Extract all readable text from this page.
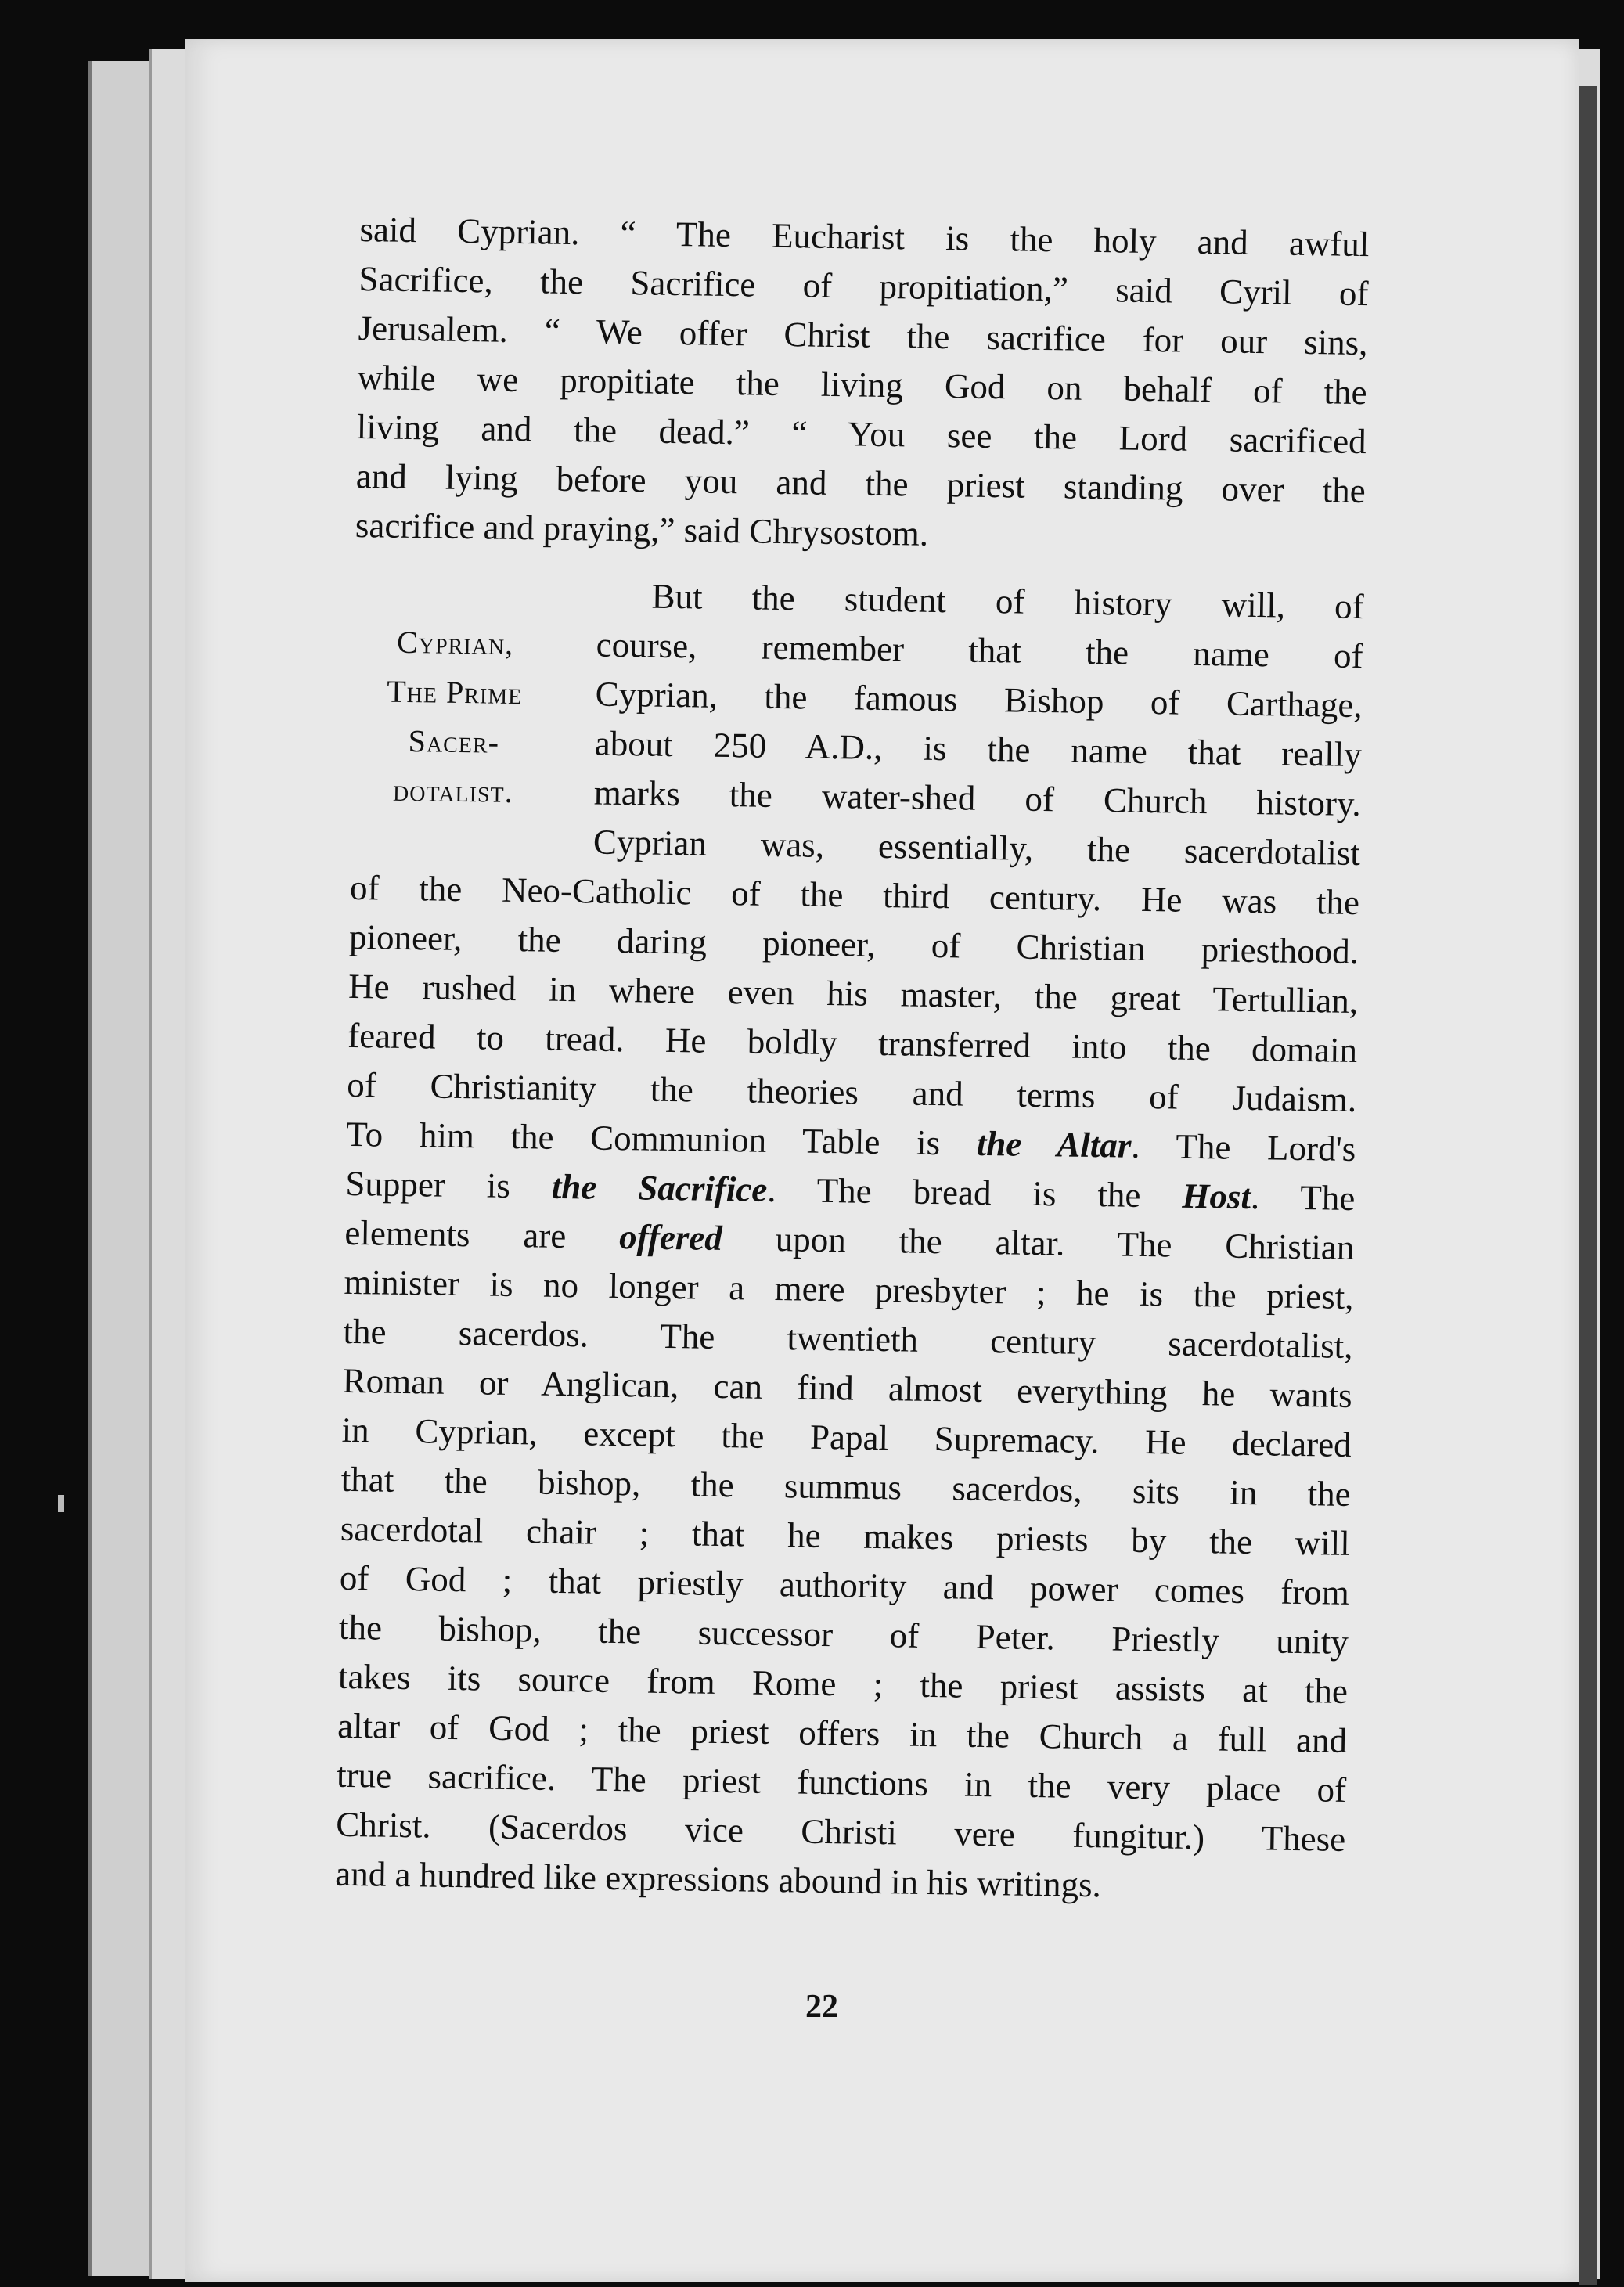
said Cyprian. “ The Eucharist is the holy and awful

Sacrifice, the Sacrifice of propitiation,” said Cyril of

Jerusalem. “ We offer Christ the sacrifice for our sins,

while we propitiate the living God on behalf of the

living and the dead.” “ You see the Lord sacrificed

and lying before you and the priest standing over the

sacrifice and praying,” said Chrysostom.

Cyprian,
The Prime
Sacer-
dotalist.

But the student of history will, of

course, remember that the name of

Cyprian, the famous Bishop of Carthage,

about 250 A.D., is the name that really

marks the water-shed of Church history.

Cyprian was, essentially, the sacerdotalist

of the Neo-Catholic of the third century. He was the

pioneer, the daring pioneer, of Christian priesthood.

He rushed in where even his master, the great Tertullian,

feared to tread. He boldly transferred into the domain

of Christianity the theories and terms of Judaism.

To him the Communion Table is the Altar. The Lord's

Supper is the Sacrifice. The bread is the Host. The

elements are offered upon the altar. The Christian

minister is no longer a mere presbyter ; he is the priest,

the sacerdos. The twentieth century sacerdotalist,

Roman or Anglican, can find almost everything he wants

in Cyprian, except the Papal Supremacy. He declared

that the bishop, the summus sacerdos, sits in the

sacerdotal chair ; that he makes priests by the will

of God ; that priestly authority and power comes from

the bishop, the successor of Peter. Priestly unity

takes its source from Rome ; the priest assists at the

altar of God ; the priest offers in the Church a full and

true sacrifice. The priest functions in the very place of

Christ. (Sacerdos vice Christi vere fungitur.) These

and a hundred like expressions abound in his writings.

22
